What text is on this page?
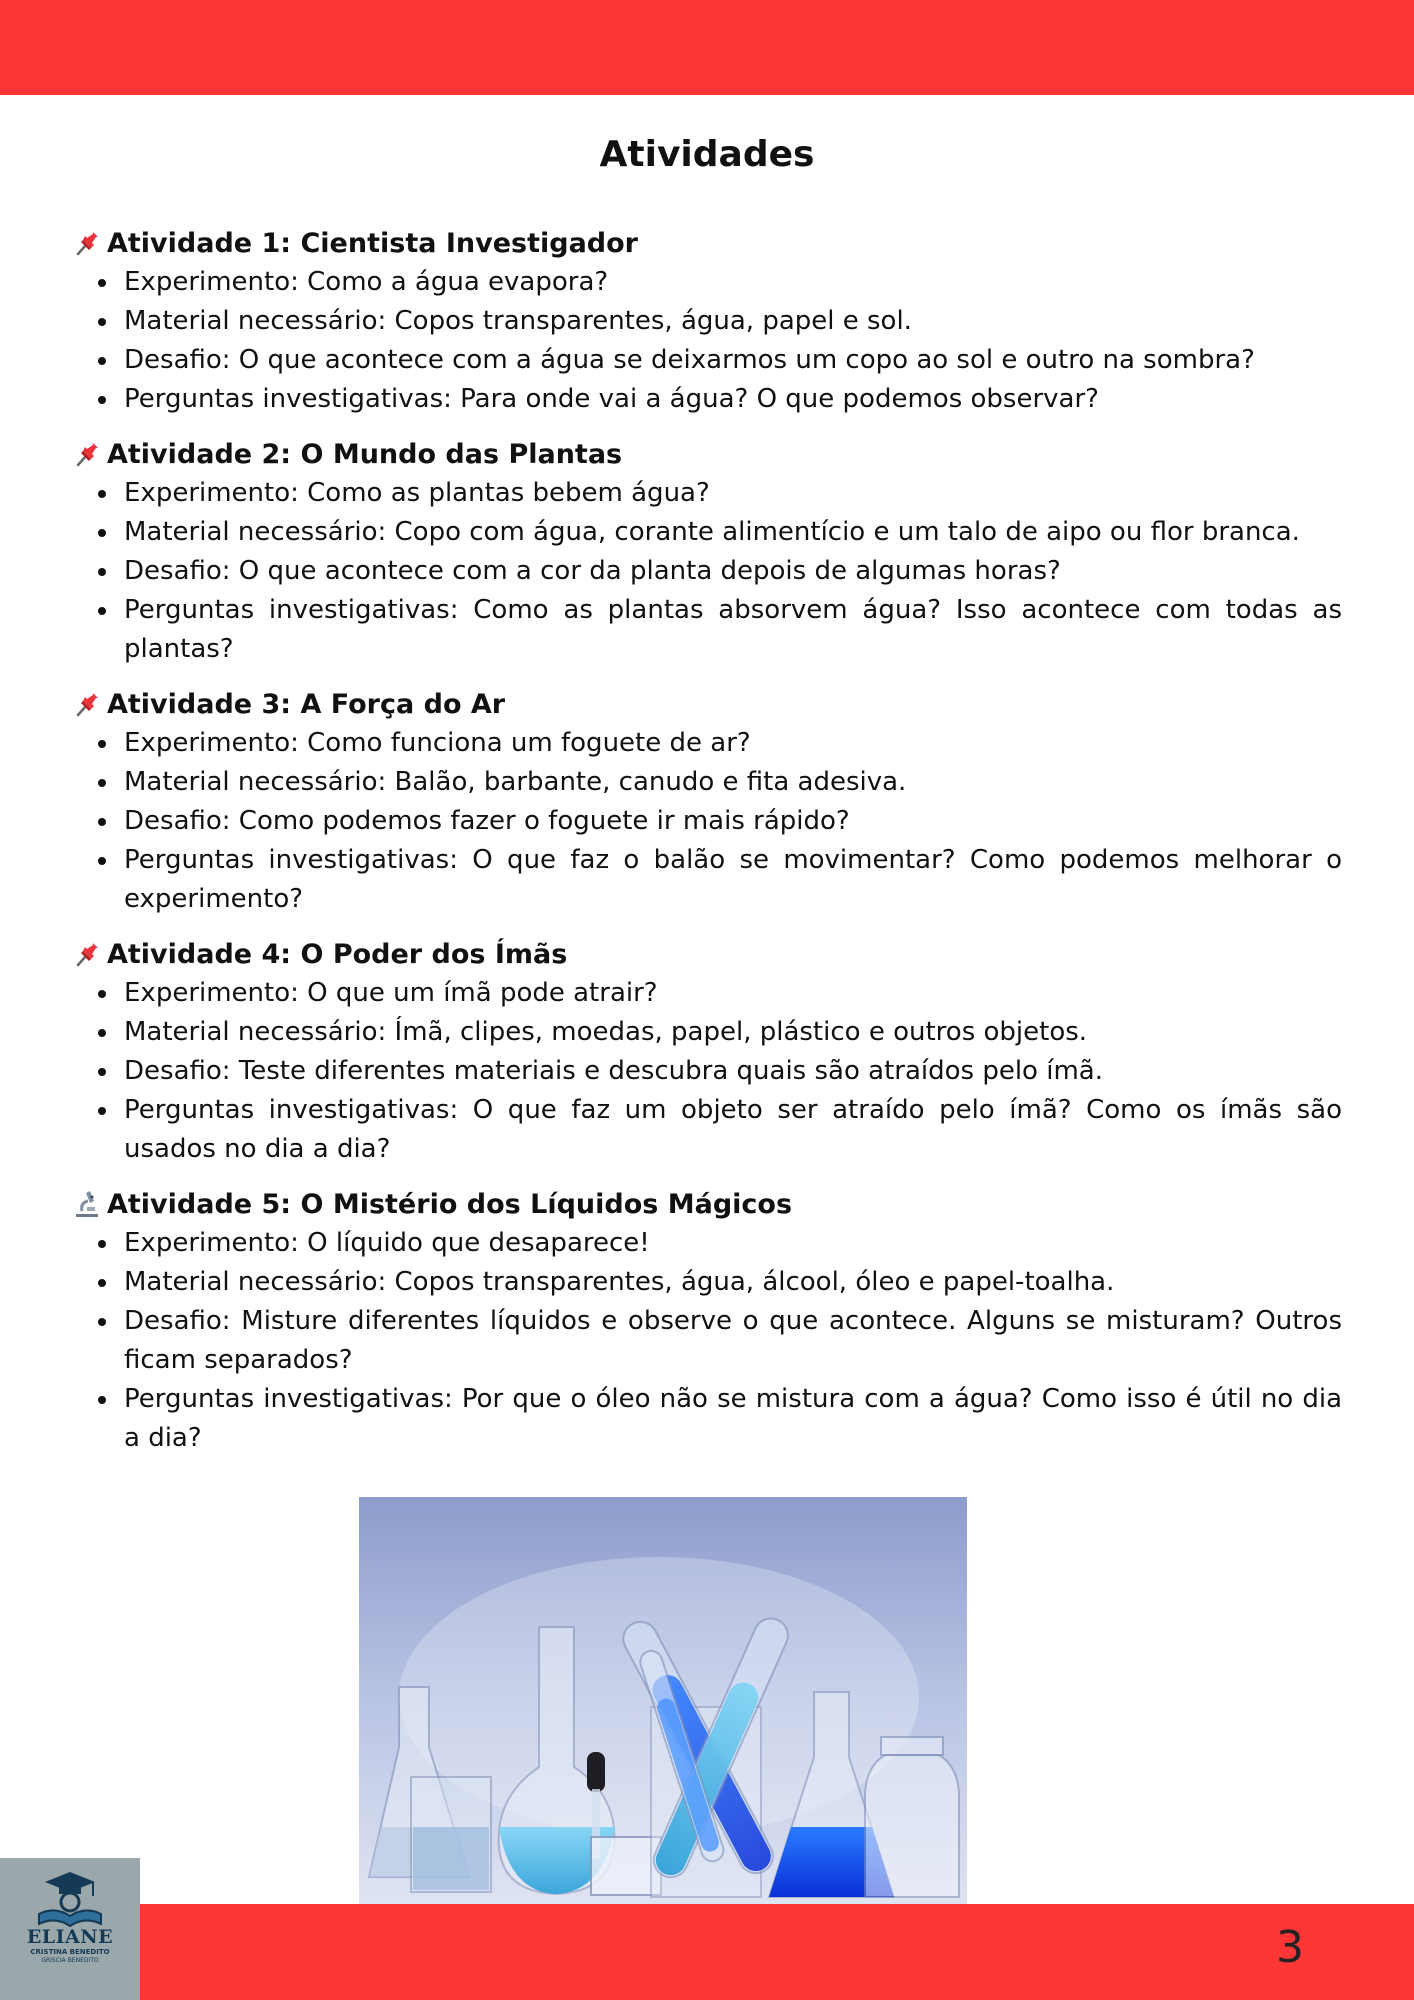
Atividades
Atividade 1: Cientista Investigador
Experimento: Como a água evapora?
Material necessário: Copos transparentes, água, papel e sol.
Desafio: O que acontece com a água se deixarmos um copo ao sol e outro na sombra?
Perguntas investigativas: Para onde vai a água? O que podemos observar?
Atividade 2: O Mundo das Plantas
Experimento: Como as plantas bebem água?
Material necessário: Copo com água, corante alimentício e um talo de aipo ou flor branca.
Desafio: O que acontece com a cor da planta depois de algumas horas?
Perguntas investigativas: Como as plantas absorvem água? Isso acontece com todas as plantas?
Atividade 3: A Força do Ar
Experimento: Como funciona um foguete de ar?
Material necessário: Balão, barbante, canudo e fita adesiva.
Desafio: Como podemos fazer o foguete ir mais rápido?
Perguntas investigativas: O que faz o balão se movimentar? Como podemos melhorar o experimento?
Atividade 4: O Poder dos Ímãs
Experimento: O que um ímã pode atrair?
Material necessário: Ímã, clipes, moedas, papel, plástico e outros objetos.
Desafio: Teste diferentes materiais e descubra quais são atraídos pelo ímã.
Perguntas investigativas: O que faz um objeto ser atraído pelo ímã? Como os ímãs são usados no dia a dia?
Atividade 5: O Mistério dos Líquidos Mágicos
Experimento: O líquido que desaparece!
Material necessário: Copos transparentes, água, álcool, óleo e papel-toalha.
Desafio: Misture diferentes líquidos e observe o que acontece. Alguns se misturam? Outros ficam separados?
Perguntas investigativas: Por que o óleo não se mistura com a água? Como isso é útil no dia a dia?
3
ELIANE
CRISTINA BENEDITO
GRISCIA BENEDITO
